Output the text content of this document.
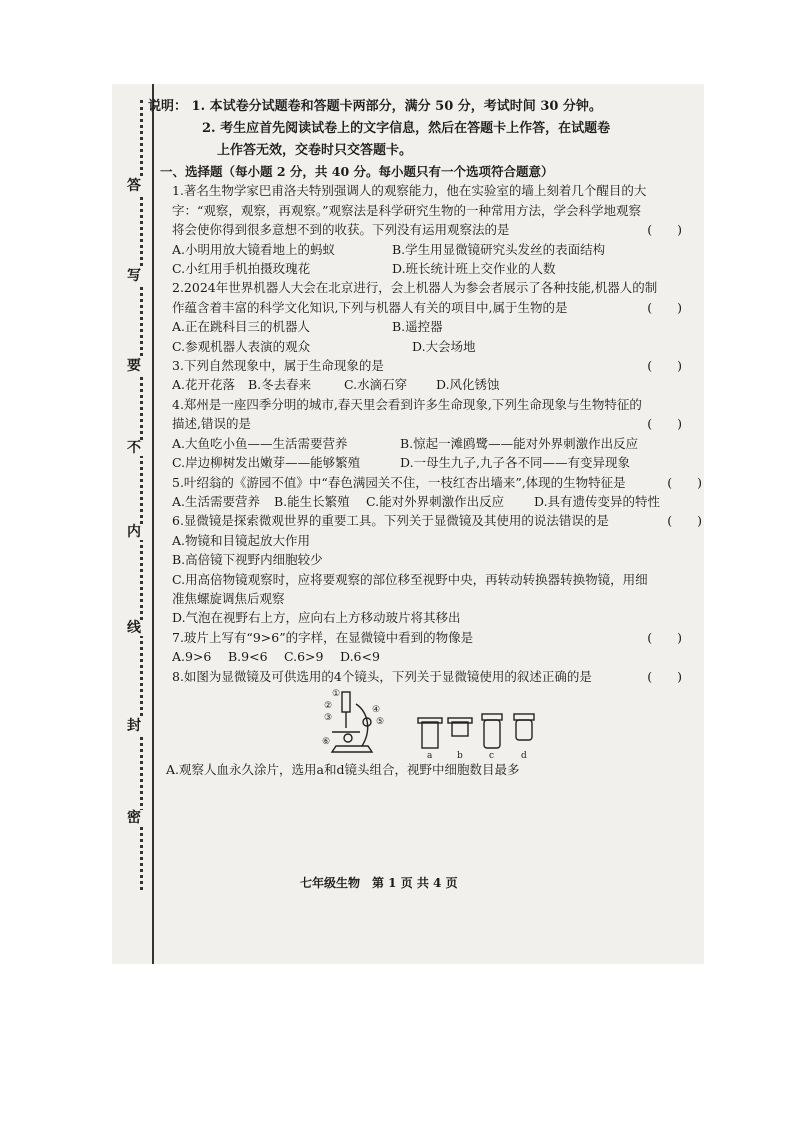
答
写
要
不
内
线
封
密
说明： 1. 本试卷分试题卷和答题卡两部分，满分 50 分，考试时间 30 分钟。
2. 考生应首先阅读试卷上的文字信息，然后在答题卡上作答，在试题卷
上作答无效，交卷时只交答题卡。
一、选择题（每小题 2 分，共 40 分。每小题只有一个选项符合题意）
1.著名生物学家巴甫洛夫特别强调人的观察能力，他在实验室的墙上刻着几个醒目的大
字：“观察，观察，再观察。”观察法是科学研究生物的一种常用方法，学会科学地观察
将会使你得到很多意想不到的收获。下列没有运用观察法的是	(　　)
A.小明用放大镜看地上的蚂蚁	B.学生用显微镜研究头发丝的表面结构
C.小红用手机拍摄玫瑰花	D.班长统计班上交作业的人数
2.2024年世界机器人大会在北京进行，会上机器人为参会者展示了各种技能,机器人的制
作蕴含着丰富的科学文化知识,下列与机器人有关的项目中,属于生物的是	(　　)
A.正在跳科目三的机器人	B.遥控器
C.参观机器人表演的观众	D.大会场地
3.下列自然现象中，属于生命现象的是	(　　)
A.花开花落	B.冬去春来	C.水滴石穿	D.风化锈蚀
4.郑州是一座四季分明的城市,春天里会看到许多生命现象,下列生命现象与生物特征的
描述,错误的是	(　　)
A.大鱼吃小鱼——生活需要营养	B.惊起一滩鸥鹭——能对外界刺激作出反应
C.岸边柳树发出嫩芽——能够繁殖	D.一母生九子,九子各不同——有变异现象
5.叶绍翁的《游园不值》中“春色满园关不住，一枝红杏出墙来”,体现的生物特征是	(　　)
A.生活需要营养	B.能生长繁殖	C.能对外界刺激作出反应	D.具有遗传变异的特性
6.显微镜是探索微观世界的重要工具。下列关于显微镜及其使用的说法错误的是	(　　)
A.物镜和目镜起放大作用
B.高倍镜下视野内细胞较少
C.用高倍物镜观察时，应将要观察的部位移至视野中央，再转动转换器转换物镜，用细
准焦螺旋调焦后观察
D.气泡在视野右上方，应向右上方移动玻片将其移出
7.玻片上写有“9>6”的字样，在显微镜中看到的物像是	(　　)
A.9>6	B.9<6	C.6>9	D.6<9
8.如图为显微镜及可供选用的4个镜头，下列关于显微镜使用的叙述正确的是	(　　)
①
②
③
④
⑤
⑥
a	b	c	d
A.观察人血永久涂片，选用a和d镜头组合，视野中细胞数目最多
七年级生物　第 1 页 共 4 页
